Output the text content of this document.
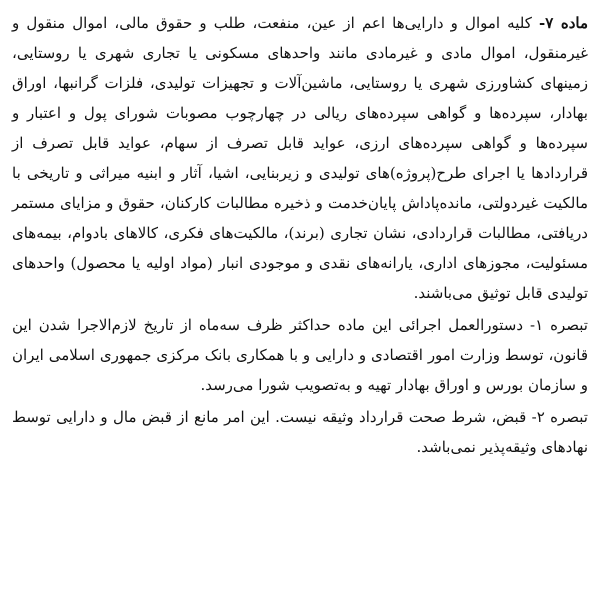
ماده ۷- کلیه اموال و دارایی‌ها اعم از عین، منفعت، طلب و حقوق مالی، اموال منقول و غیرمنقول، اموال مادی و غیرمادی مانند واحدهای مسکونی یا تجاری شهری یا روستایی، زمینهای کشاورزی شهری یا روستایی، ماشین‌آلات و تجهیزات تولیدی، فلزات گرانبها، اوراق بهادار، سپرده‌ها و گواهی سپرده‌های ریالی در چهارچوب مصوبات شورای پول و اعتبار و سپرده‌ها و گواهی سپرده‌های ارزی، عواید قابل تصرف از سهام، عواید قابل تصرف از قراردادها یا اجرای طرح(پروژه)های تولیدی و زیربنایی، اشیا، آثار و ابنیه میراثی و تاریخی با مالکیت غیردولتی، مانده‌پاداش پایان‌خدمت و ذخیره مطالبات کارکنان، حقوق و مزایای مستمر دریافتی، مطالبات قراردادی، نشان تجاری (برند)، مالکیت‌های فکری، کالاهای بادوام، بیمه‌های مسئولیت، مجوزهای اداری، یارانه‌های نقدی و موجودی انبار (مواد اولیه یا محصول) واحدهای تولیدی قابل توثیق می‌باشند.

تبصره ۱- دستورالعمل اجرائی این ماده حداکثر ظرف سه‌ماه از تاریخ لازم‌الاجرا شدن این قانون، توسط وزارت امور اقتصادی و دارایی و با همکاری بانک مرکزی جمهوری اسلامی ایران و سازمان بورس و اوراق بهادار تهیه و به‌تصویب شورا می‌رسد.

تبصره ۲- قبض، شرط صحت قرارداد وثیقه نیست. این امر مانع از قبض مال و دارایی توسط نهادهای وثیقه‌پذیر نمی‌باشد.
